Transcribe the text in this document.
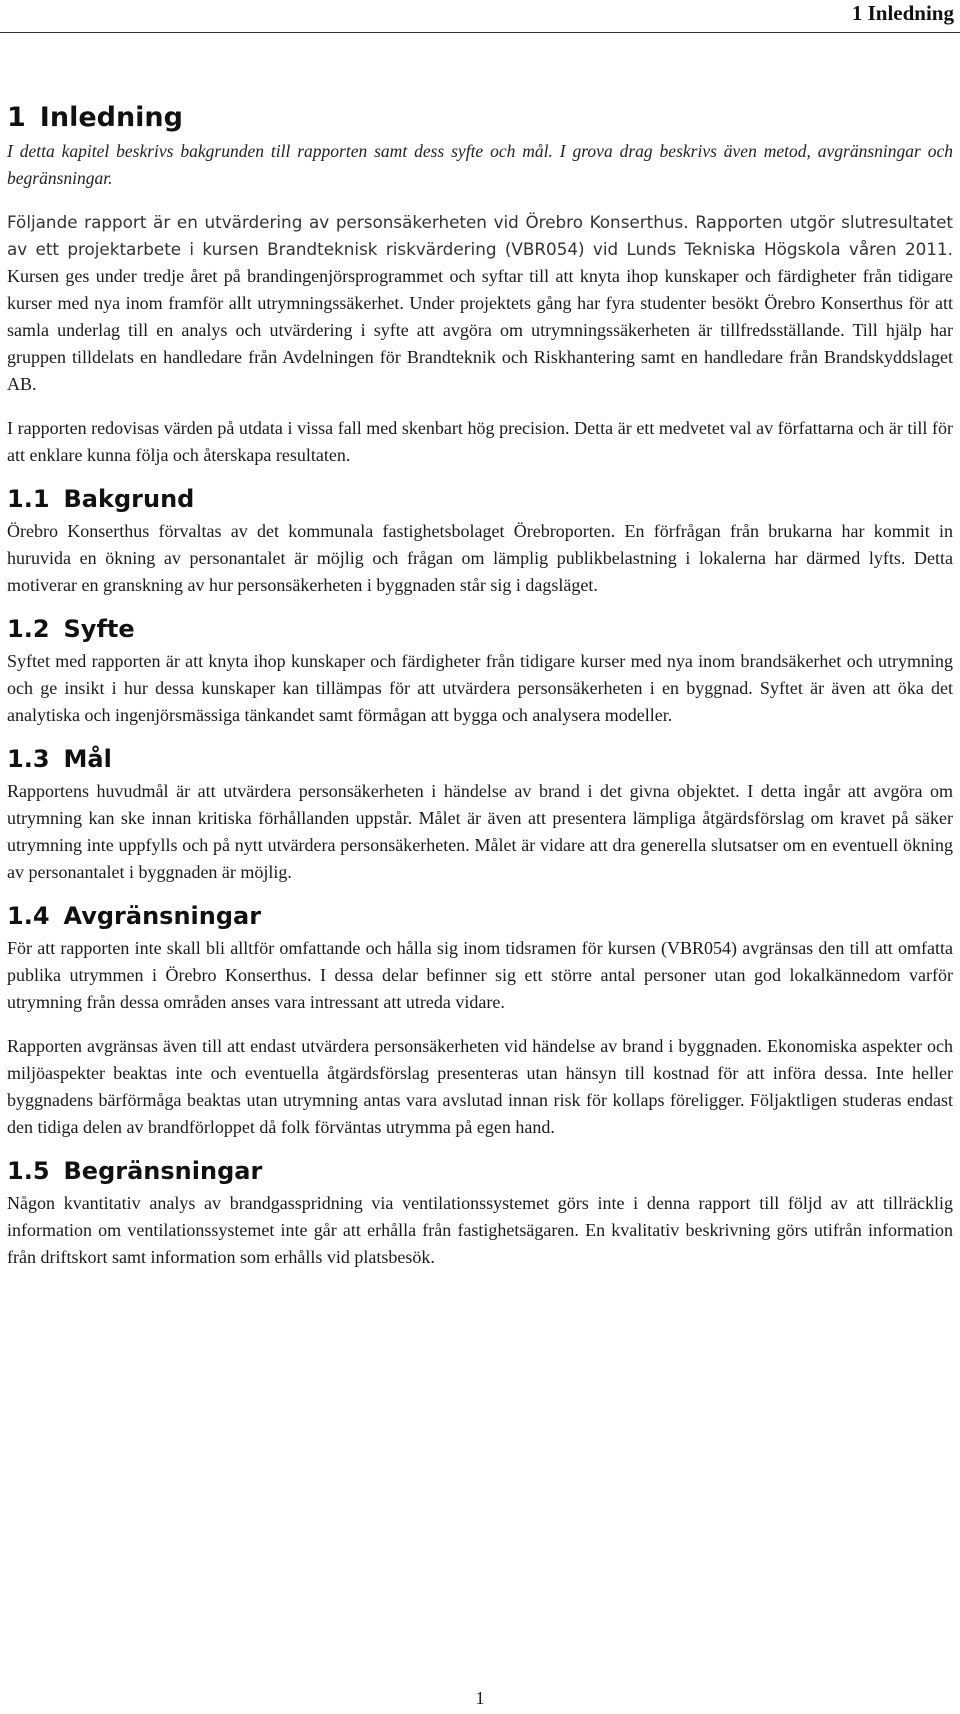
1 Inledning
1 Inledning

I detta kapitel beskrivs bakgrunden till rapporten samt dess syfte och mål. I grova drag beskrivs även metod, avgränsningar och begränsningar.

Följande rapport är en utvärdering av personsäkerheten vid Örebro Konserthus. Rapporten utgör slutresultatet av ett projektarbete i kursen Brandteknisk riskvärdering (VBR054) vid Lunds Tekniska Högskola våren 2011. Kursen ges under tredje året på brandingenjörsprogrammet och syftar till att knyta ihop kunskaper och färdigheter från tidigare kurser med nya inom framför allt utrymningssäkerhet. Under projektets gång har fyra studenter besökt Örebro Konserthus för att samla underlag till en analys och utvärdering i syfte att avgöra om utrymningssäkerheten är tillfredsställande. Till hjälp har gruppen tilldelats en handledare från Avdelningen för Brandteknik och Riskhantering samt en handledare från Brandskyddslaget AB.

I rapporten redovisas värden på utdata i vissa fall med skenbart hög precision. Detta är ett medvetet val av författarna och är till för att enklare kunna följa och återskapa resultaten.

1.1 Bakgrund

Örebro Konserthus förvaltas av det kommunala fastighetsbolaget Örebroporten. En förfrågan från brukarna har kommit in huruvida en ökning av personantalet är möjlig och frågan om lämplig publikbelastning i lokalerna har därmed lyfts. Detta motiverar en granskning av hur personsäkerheten i byggnaden står sig i dagsläget.

1.2 Syfte

Syftet med rapporten är att knyta ihop kunskaper och färdigheter från tidigare kurser med nya inom brandsäkerhet och utrymning och ge insikt i hur dessa kunskaper kan tillämpas för att utvärdera personsäkerheten i en byggnad. Syftet är även att öka det analytiska och ingenjörsmässiga tänkandet samt förmågan att bygga och analysera modeller.

1.3 Mål

Rapportens huvudmål är att utvärdera personsäkerheten i händelse av brand i det givna objektet. I detta ingår att avgöra om utrymning kan ske innan kritiska förhållanden uppstår. Målet är även att presentera lämpliga åtgärdsförslag om kravet på säker utrymning inte uppfylls och på nytt utvärdera personsäkerheten. Målet är vidare att dra generella slutsatser om en eventuell ökning av personantalet i byggnaden är möjlig.

1.4 Avgränsningar

För att rapporten inte skall bli alltför omfattande och hålla sig inom tidsramen för kursen (VBR054) avgränsas den till att omfatta publika utrymmen i Örebro Konserthus. I dessa delar befinner sig ett större antal personer utan god lokalkännedom varför utrymning från dessa områden anses vara intressant att utreda vidare.

Rapporten avgränsas även till att endast utvärdera personsäkerheten vid händelse av brand i byggnaden. Ekonomiska aspekter och miljöaspekter beaktas inte och eventuella åtgärdsförslag presenteras utan hänsyn till kostnad för att införa dessa. Inte heller byggnadens bärförmåga beaktas utan utrymning antas vara avslutad innan risk för kollaps föreligger. Följaktligen studeras endast den tidiga delen av brandförloppet då folk förväntas utrymma på egen hand.

1.5 Begränsningar

Någon kvantitativ analys av brandgasspridning via ventilationssystemet görs inte i denna rapport till följd av att tillräcklig information om ventilationssystemet inte går att erhålla från fastighetsägaren. En kvalitativ beskrivning görs utifrån information från driftskort samt information som erhålls vid platsbesök.

1
